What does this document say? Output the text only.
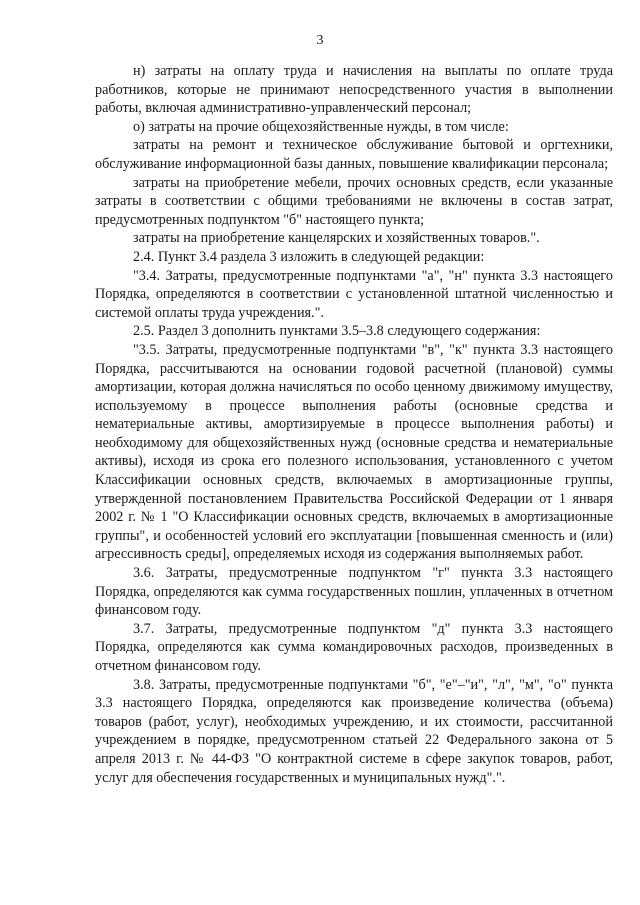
3

н) затраты на оплату труда и начисления на выплаты по оплате труда работников, которые не принимают непосредственного участия в выполнении работы, включая административно-управленческий персонал;

о) затраты на прочие общехозяйственные нужды, в том числе:

затраты на ремонт и техническое обслуживание бытовой и оргтехники, обслуживание информационной базы данных, повышение квалификации персонала;

затраты на приобретение мебели, прочих основных средств, если указанные затраты в соответствии с общими требованиями не включены в состав затрат, предусмотренных подпунктом "б" настоящего пункта;

затраты на приобретение канцелярских и хозяйственных товаров.".

2.4. Пункт 3.4 раздела 3 изложить в следующей редакции:

"3.4. Затраты, предусмотренные подпунктами "а", "н" пункта 3.3 настоящего Порядка, определяются в соответствии с установленной штатной численностью и системой оплаты труда учреждения.".

2.5. Раздел 3 дополнить пунктами 3.5–3.8 следующего содержания:

"3.5. Затраты, предусмотренные подпунктами "в", "к" пункта 3.3 настоящего Порядка, рассчитываются на основании годовой расчетной (плановой) суммы амортизации, которая должна начисляться по особо ценному движимому имуществу, используемому в процессе выполнения работы (основные средства и нематериальные активы, амортизируемые в процессе выполнения работы) и необходимому для общехозяйственных нужд (основные средства и нематериальные активы), исходя из срока его полезного использования, установленного с учетом Классификации основных средств, включаемых в амортизационные группы, утвержденной постановлением Правительства Российской Федерации от 1 января 2002 г. № 1 "О Классификации основных средств, включаемых в амортизационные группы", и особенностей условий его эксплуатации [повышенная сменность и (или) агрессивность среды], определяемых исходя из содержания выполняемых работ.

3.6. Затраты, предусмотренные подпунктом "г" пункта 3.3 настоящего Порядка, определяются как сумма государственных пошлин, уплаченных в отчетном финансовом году.

3.7. Затраты, предусмотренные подпунктом "д" пункта 3.3 настоящего Порядка, определяются как сумма командировочных расходов, произведенных в отчетном финансовом году.

3.8. Затраты, предусмотренные подпунктами "б", "е"–"и", "л", "м", "о" пункта 3.3 настоящего Порядка, определяются как произведение количества (объема) товаров (работ, услуг), необходимых учреждению, и их стоимости, рассчитанной учреждением в порядке, предусмотренном статьей 22 Федерального закона от 5 апреля 2013 г. № 44-ФЗ "О контрактной системе в сфере закупок товаров, работ, услуг для обеспечения государственных и муниципальных нужд".".
